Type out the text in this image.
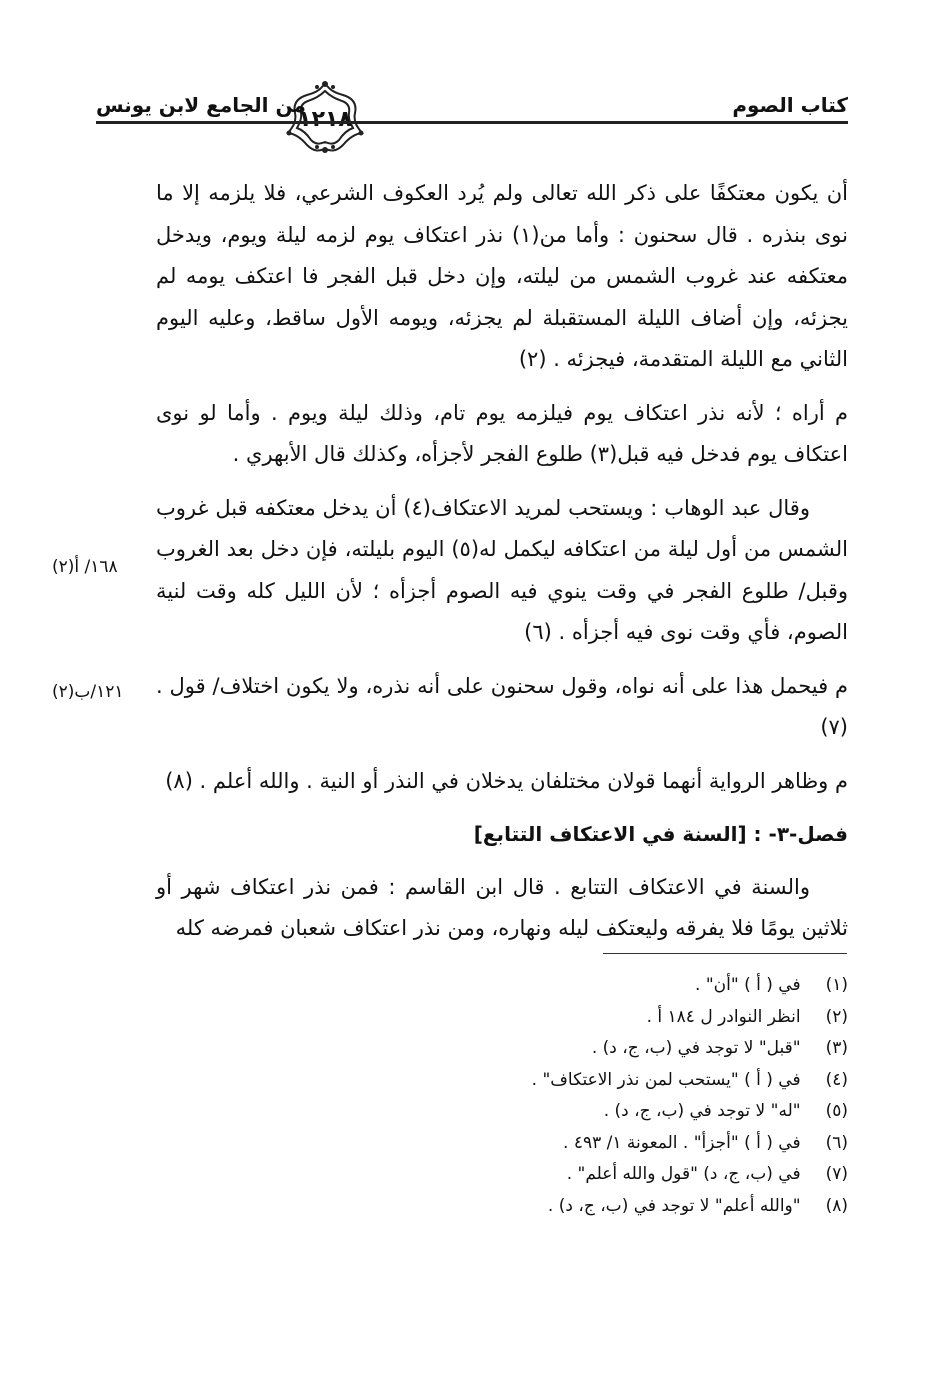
كتاب الصوم
١٢١٨
من الجامع لابن يونس

أن يكون معتكفًا على ذكر الله تعالى ولم يُرد العكوف الشرعي، فلا يلزمه إلا ما نوى بنذره . قال سحنون : وأما من(١) نذر اعتكاف يوم لزمه ليلة ويوم، ويدخل معتكفه عند غروب الشمس من ليلته، وإن دخل قبل الفجر فا اعتكف يومه لم يجزئه، وإن أضاف الليلة المستقبلة لم يجزئه، ويومه الأول ساقط، وعليه اليوم الثاني مع الليلة المتقدمة، فيجزئه . (٢)

م أراه ؛ لأنه نذر اعتكاف يوم فيلزمه يوم تام، وذلك ليلة ويوم . وأما لو نوى اعتكاف يوم فدخل فيه قبل(٣) طلوع الفجر لأجزأه، وكذلك قال الأبهري .

وقال عبد الوهاب : ويستحب لمريد الاعتكاف(٤) أن يدخل معتكفه قبل غروب الشمس من أول ليلة من اعتكافه ليكمل له(٥) اليوم بليلته، فإن دخل بعد الغروب وقبل/ طلوع الفجر في وقت ينوي فيه الصوم أجزأه ؛ لأن الليل كله وقت لنية الصوم، فأي وقت نوى فيه أجزأه . (٦)

م فيحمل هذا على أنه نواه، وقول سحنون على أنه نذره، ولا يكون اختلاف/ قول . (٧)

م وظاهر الرواية أنهما قولان مختلفان يدخلان في النذر أو النية . والله أعلم . (٨)

فصل-٣- : [السنة في الاعتكاف التتابع]

والسنة في الاعتكاف التتابع . قال ابن القاسم : فمن نذر اعتكاف شهر أو ثلاثين يومًا فلا يفرقه وليعتكف ليله ونهاره، ومن نذر اعتكاف شعبان فمرضه كله

١٦٨/ أ(٢)
١٢١/ب(٢)
(١) في ( أ ) "أن" .
(٢) انظر النوادر ل ١٨٤ أ .
(٣) "قبل" لا توجد في (ب، ج، د) .
(٤) في ( أ ) "يستحب لمن نذر الاعتكاف" .
(٥) "له" لا توجد في (ب، ج، د) .
(٦) في ( أ ) "أجزأ" . المعونة ١/ ٤٩٣ .
(٧) في (ب، ج، د) "قول والله أعلم" .
(٨) "والله أعلم" لا توجد في (ب، ج، د) .
